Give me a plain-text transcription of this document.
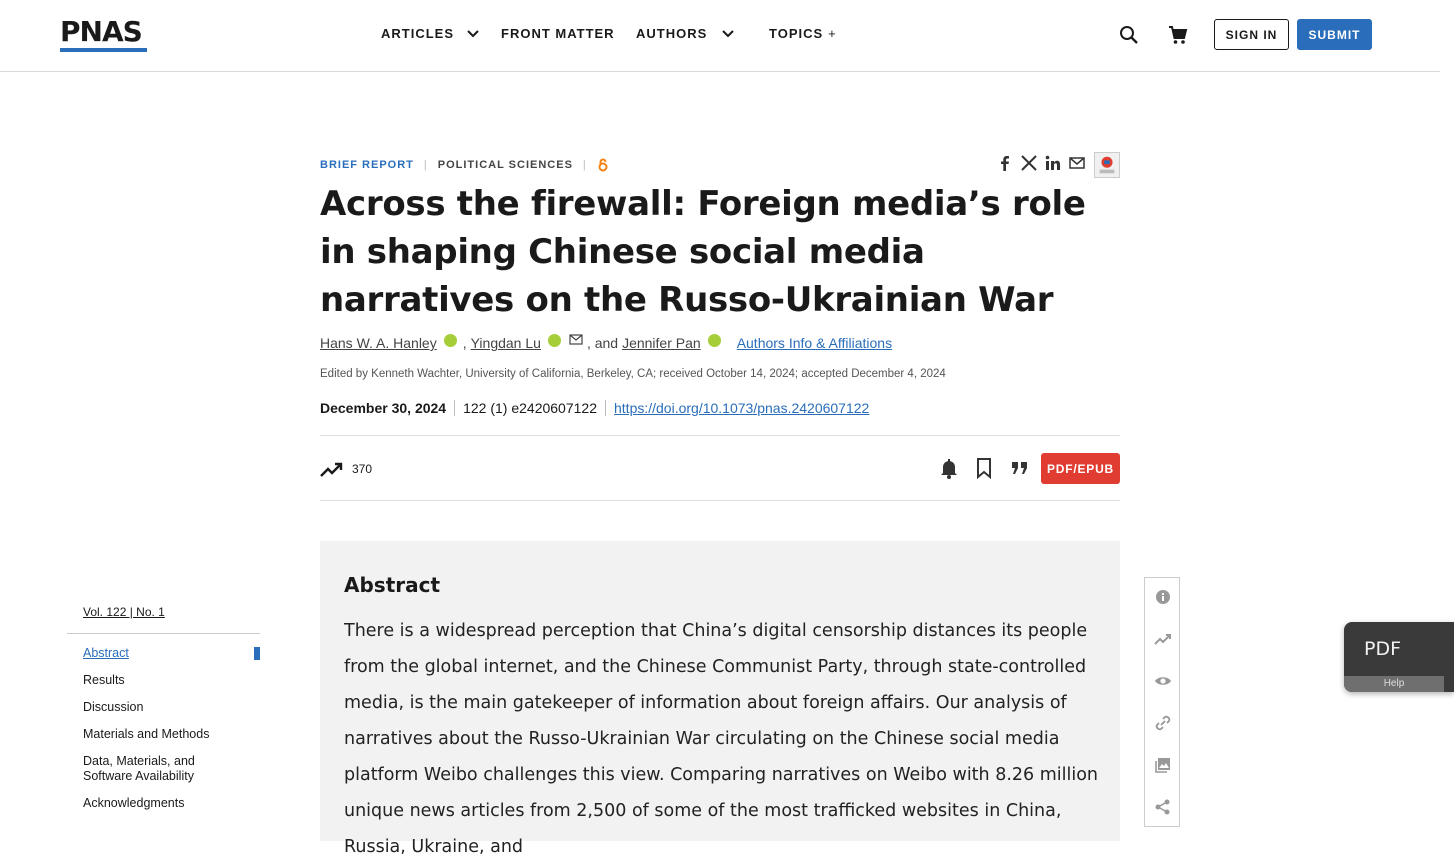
PNAS	ARTICLES	FRONT MATTER AUTHORS	TOPICS +	SIGN IN	SUBMIT
BRIEF REPORT | POLITICAL SCIENCES |
Across the firewall: Foreign media’s role in shaping Chinese social media narratives on the Russo-Ukrainian War
Hans W. A. Hanley , Yingdan Lu	, and Jennifer Pan	Authors Info & Affiliations
Edited by Kenneth Wachter, University of California, Berkeley, CA; received October 14, 2024; accepted December 4, 2024
December 30, 2024	122 (1) e2420607122	https://doi.org/10.1073/pnas.2420607122
370	PDF/EPUB
Vol. 122 | No. 1
Abstract
Results
Discussion
Materials and Methods
Data, Materials, and Software Availability
Acknowledgments
Abstract

There is a widespread perception that China’s digital censorship distances its people from the global internet, and the Chinese Communist Party, through state-controlled media, is the main gatekeeper of information about foreign affairs. Our analysis of narratives about the Russo-Ukrainian War circulating on the Chinese social media platform Weibo challenges this view. Comparing narratives on Weibo with 8.26 million unique news articles from 2,500 of some of the most trafficked websites in China, Russia, Ukraine, and

PDF
Help
